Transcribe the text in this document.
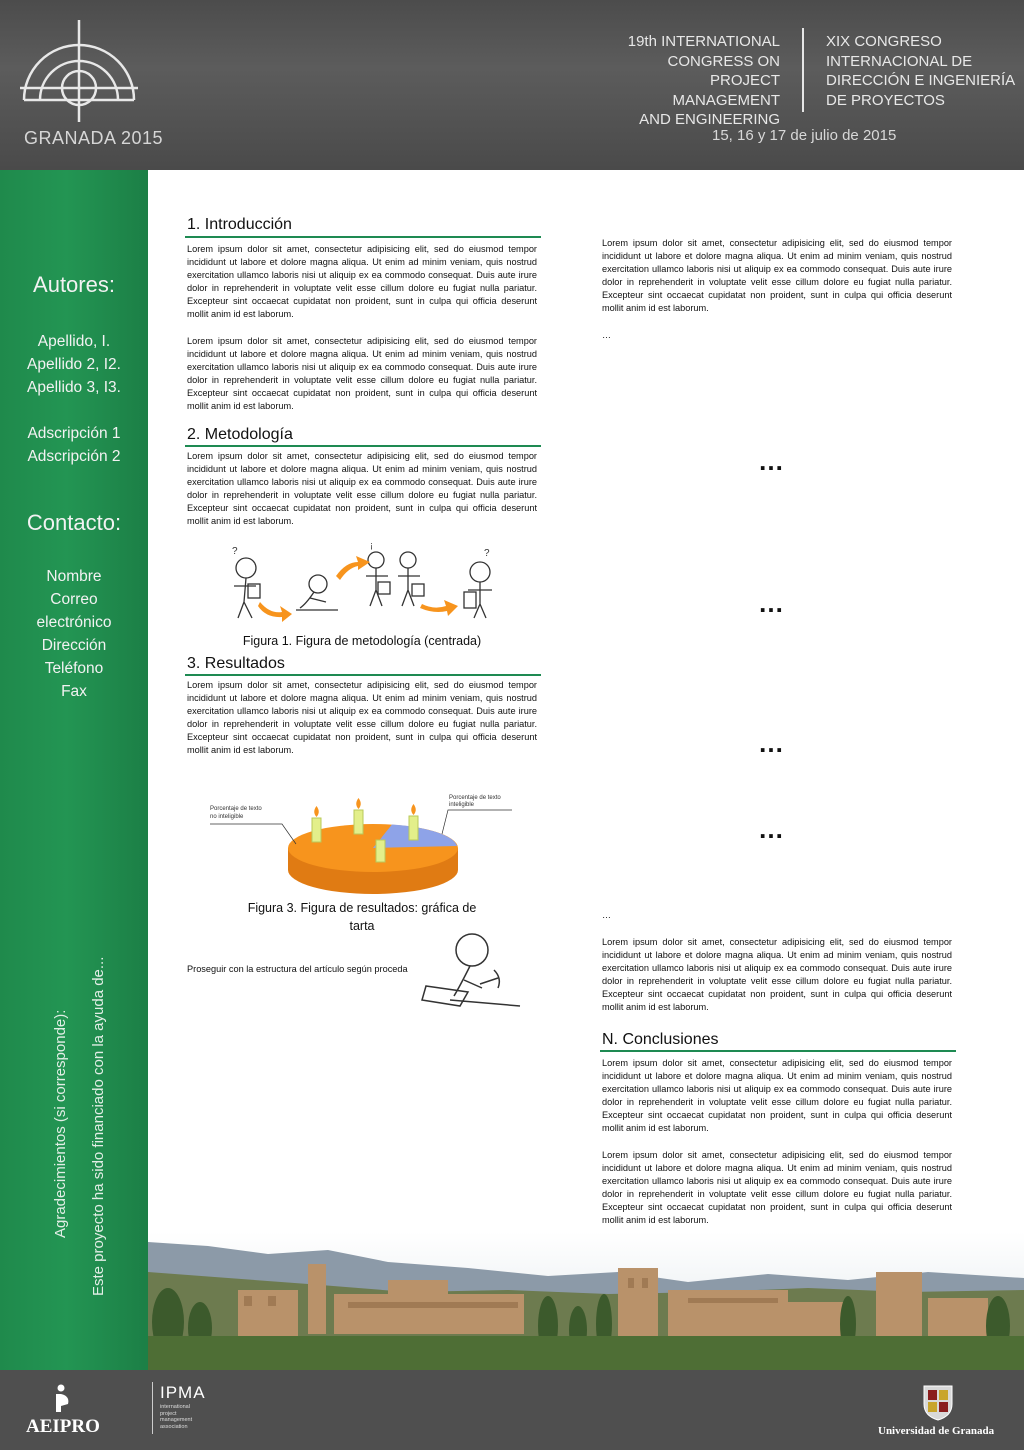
GRANADA 2015

19th INTERNATIONAL

CONGRESS ON

PROJECT MANAGEMENT

AND ENGINEERING

XIX CONGRESO

INTERNACIONAL DE

DIRECCIÓN E INGENIERÍA

DE PROYECTOS

15, 16 y 17 de julio de 2015
Autores:

Apellido, I.

Apellido 2, I2.

Apellido 3, I3.

Adscripción 1

Adscripción 2

Contacto:

Nombre

Correo

electrónico

Dirección

Teléfono

Fax

Agradecimientos (si corresponde): Este proyecto ha sido financiado con la ayuda de...
1. Introducción

Lorem ipsum dolor sit amet, consectetur adipisicing elit, sed do eiusmod tempor incididunt ut labore et dolore magna aliqua. Ut enim ad minim veniam, quis nostrud exercitation ullamco laboris nisi ut aliquip ex ea commodo consequat. Duis aute irure dolor in reprehenderit in voluptate velit esse cillum dolore eu fugiat nulla pariatur. Excepteur sint occaecat cupidatat non proident, sunt in culpa qui officia deserunt mollit anim id est laborum.

Lorem ipsum dolor sit amet, consectetur adipisicing elit, sed do eiusmod tempor incididunt ut labore et dolore magna aliqua. Ut enim ad minim veniam, quis nostrud exercitation ullamco laboris nisi ut aliquip ex ea commodo consequat. Duis aute irure dolor in reprehenderit in voluptate velit esse cillum dolore eu fugiat nulla pariatur. Excepteur sint occaecat cupidatat non proident, sunt in culpa qui officia deserunt mollit anim id est laborum.

2. Metodología

Lorem ipsum dolor sit amet, consectetur adipisicing elit, sed do eiusmod tempor incididunt ut labore et dolore magna aliqua. Ut enim ad minim veniam, quis nostrud exercitation ullamco laboris nisi ut aliquip ex ea commodo consequat. Duis aute irure dolor in reprehenderit in voluptate velit esse cillum dolore eu fugiat nulla pariatur. Excepteur sint occaecat cupidatat non proident, sunt in culpa qui officia deserunt mollit anim id est laborum.

?
¡
?
Figura 1. Figura de metodología (centrada)
3. Resultados

Lorem ipsum dolor sit amet, consectetur adipisicing elit, sed do eiusmod tempor incididunt ut labore et dolore magna aliqua. Ut enim ad minim veniam, quis nostrud exercitation ullamco laboris nisi ut aliquip ex ea commodo consequat. Duis aute irure dolor in reprehenderit in voluptate velit esse cillum dolore eu fugiat nulla pariatur. Excepteur sint occaecat cupidatat non proident, sunt in culpa qui officia deserunt mollit anim id est laborum.

Porcentaje de texto
no inteligible
Porcentaje de texto
inteligible
Figura 3. Figura de resultados: gráfica de tarta
Proseguir con la estructura del artículo según proceda

Lorem ipsum dolor sit amet, consectetur adipisicing elit, sed do eiusmod tempor incididunt ut labore et dolore magna aliqua. Ut enim ad minim veniam, quis nostrud exercitation ullamco laboris nisi ut aliquip ex ea commodo consequat. Duis aute irure dolor in reprehenderit in voluptate velit esse cillum dolore eu fugiat nulla pariatur. Excepteur sint occaecat cupidatat non proident, sunt in culpa qui officia deserunt mollit anim id est laborum.

…
…
…
…
…
…

Lorem ipsum dolor sit amet, consectetur adipisicing elit, sed do eiusmod tempor incididunt ut labore et dolore magna aliqua. Ut enim ad minim veniam, quis nostrud exercitation ullamco laboris nisi ut aliquip ex ea commodo consequat. Duis aute irure dolor in reprehenderit in voluptate velit esse cillum dolore eu fugiat nulla pariatur. Excepteur sint occaecat cupidatat non proident, sunt in culpa qui officia deserunt mollit anim id est laborum.

N. Conclusiones

Lorem ipsum dolor sit amet, consectetur adipisicing elit, sed do eiusmod tempor incididunt ut labore et dolore magna aliqua. Ut enim ad minim veniam, quis nostrud exercitation ullamco laboris nisi ut aliquip ex ea commodo consequat. Duis aute irure dolor in reprehenderit in voluptate velit esse cillum dolore eu fugiat nulla pariatur. Excepteur sint occaecat cupidatat non proident, sunt in culpa qui officia deserunt mollit anim id est laborum.

Lorem ipsum dolor sit amet, consectetur adipisicing elit, sed do eiusmod tempor incididunt ut labore et dolore magna aliqua. Ut enim ad minim veniam, quis nostrud exercitation ullamco laboris nisi ut aliquip ex ea commodo consequat. Duis aute irure dolor in reprehenderit in voluptate velit esse cillum dolore eu fugiat nulla pariatur. Excepteur sint occaecat cupidatat non proident, sunt in culpa qui officia deserunt mollit anim id est laborum.

AEIPRO
IPMA

international

project

management

association	Universidad de Granada
